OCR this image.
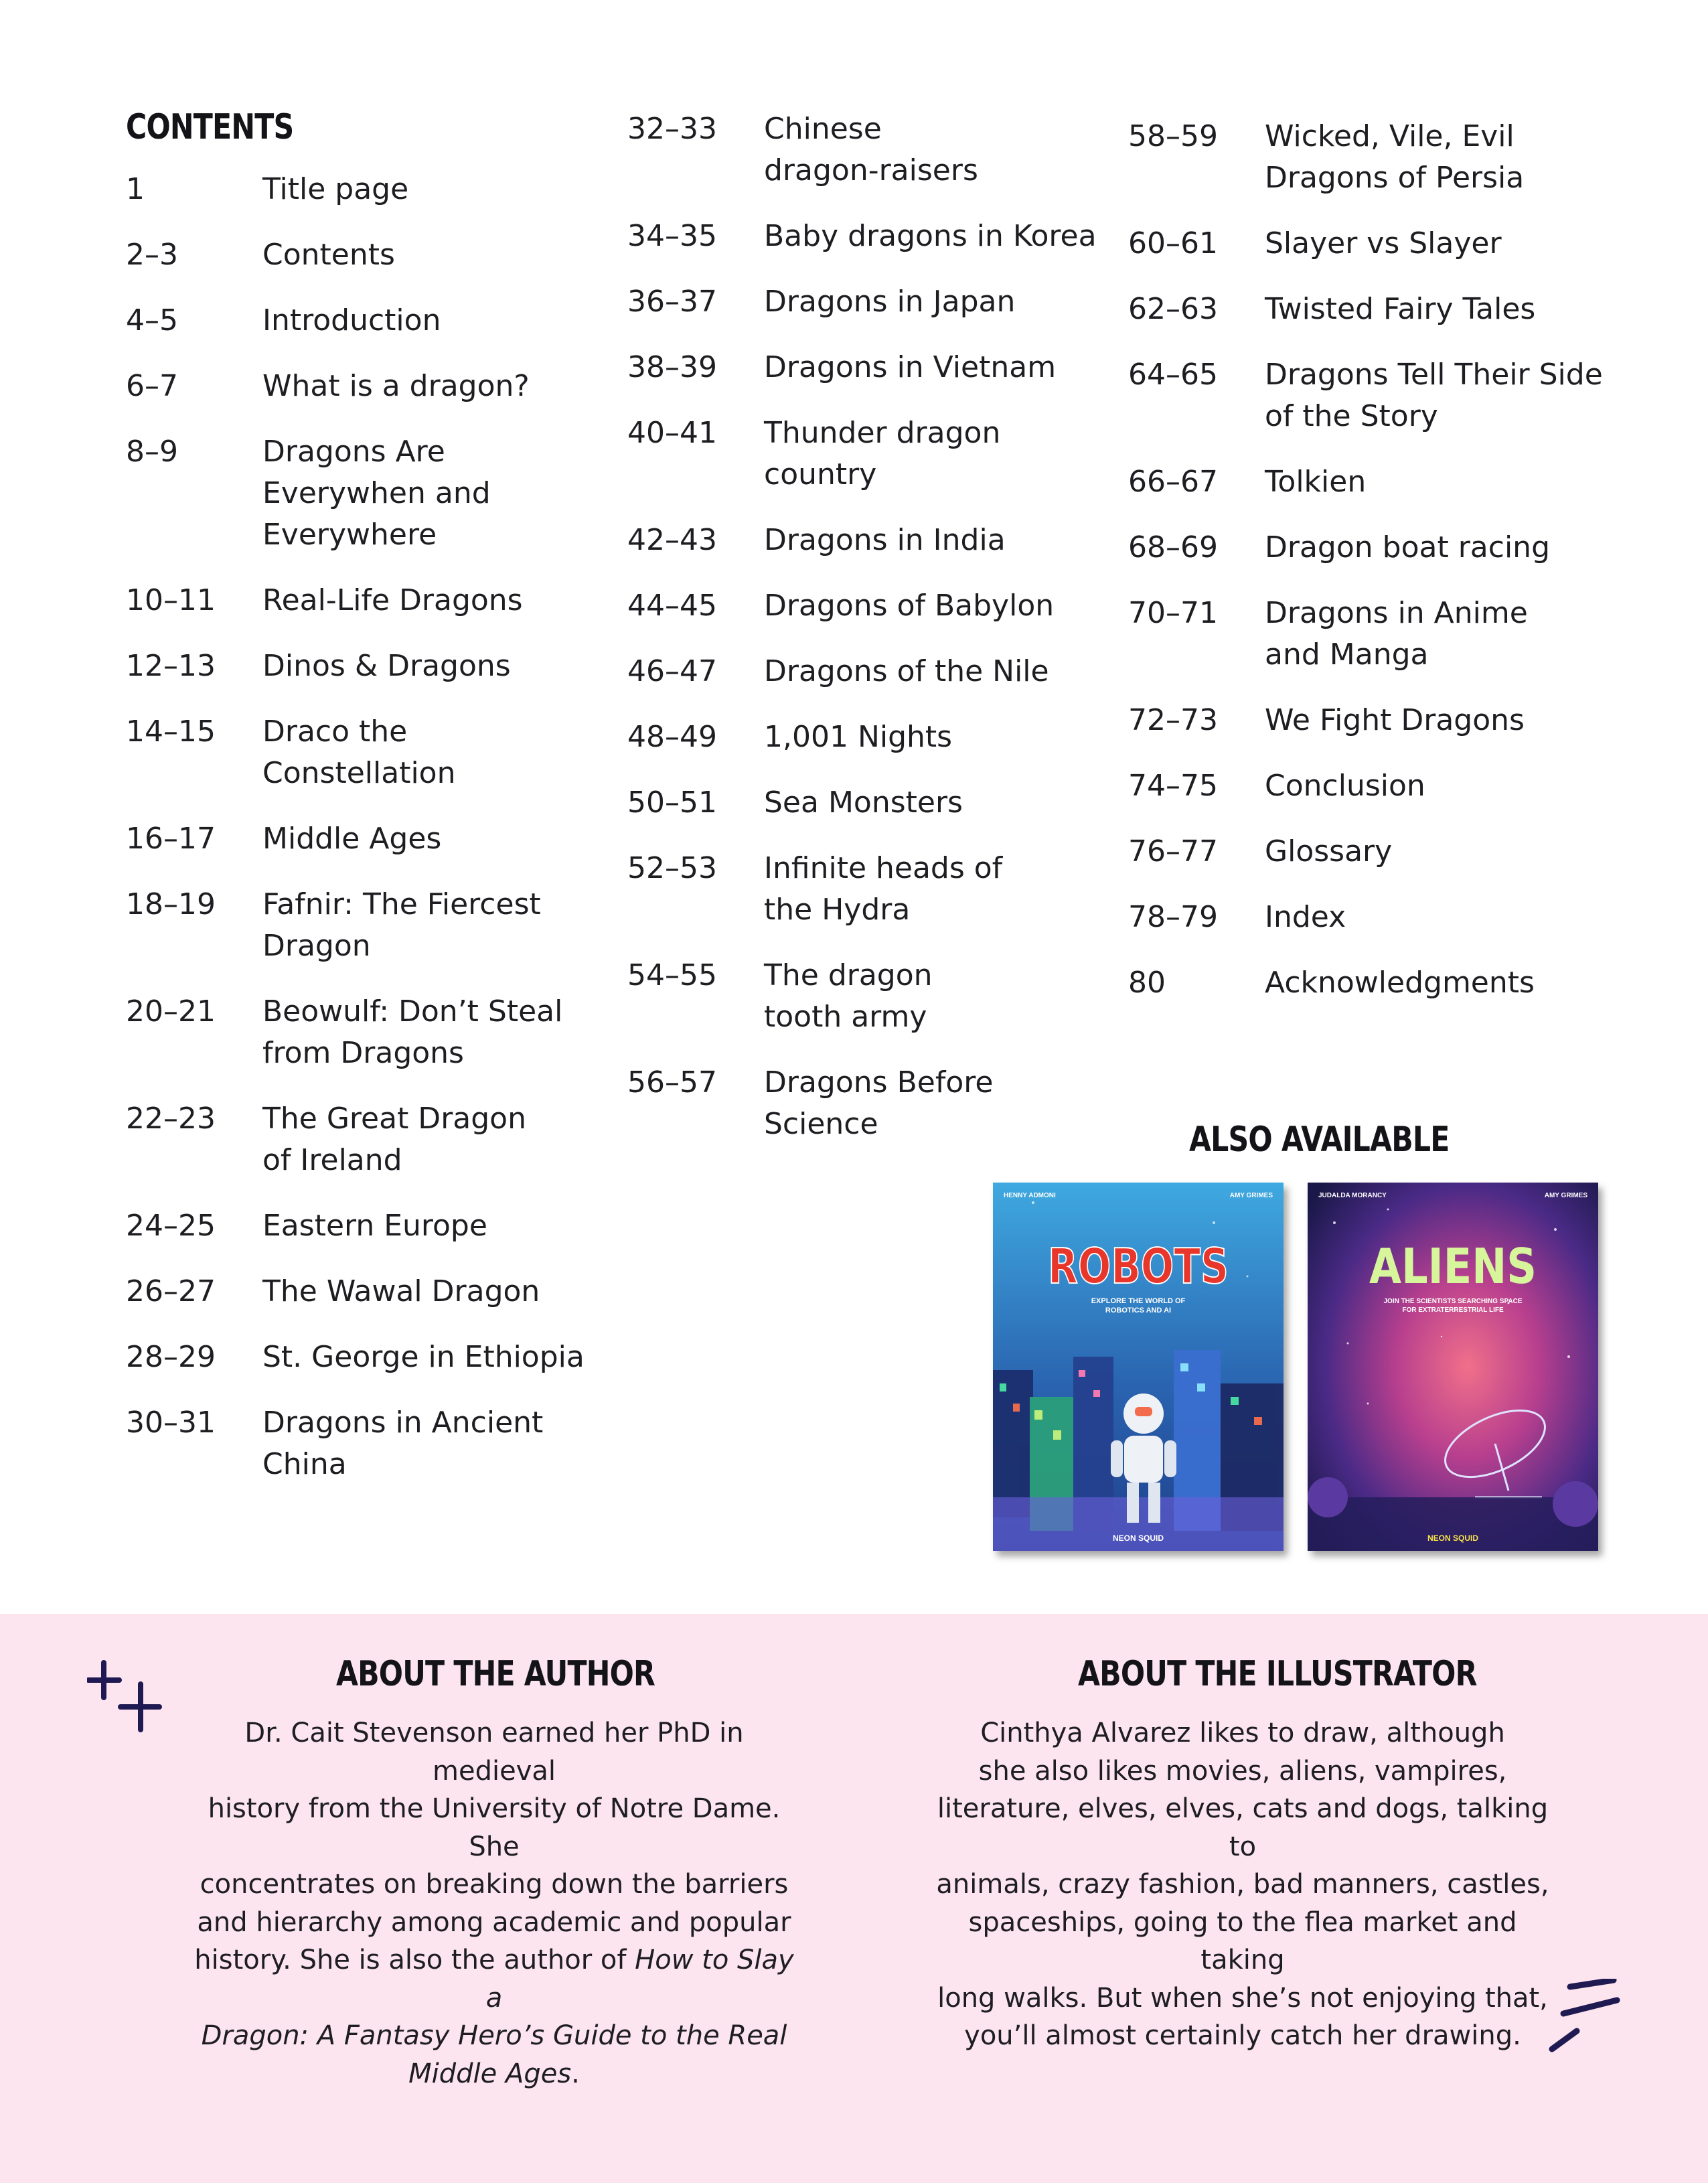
CONTENTS
1	Title page
2–3	Contents
4–5	Introduction
6–7	What is a dragon?
8–9	Dragons Are
Everywhen and
Everywhere
10–11 Real-Life Dragons
12–13 Dinos & Dragons
14–15 Draco the
Constellation
16–17 Middle Ages
18–19 Fafnir: The Fiercest
Dragon
20–21 Beowulf: Don’t Steal
from Dragons
22–23 The Great Dragon
of Ireland
24–25 Eastern Europe
26–27 The Wawal Dragon
28–29 St. George in Ethiopia
30–31 Dragons in Ancient
China
32–33 Chinese
dragon-raisers
34–35 Baby dragons in Korea
36–37 Dragons in Japan
38–39 Dragons in Vietnam
40–41 Thunder dragon
country
42–43 Dragons in India
44–45 Dragons of Babylon
46–47 Dragons of the Nile
48–49 1,001 Nights
50–51 Sea Monsters
52–53 Infinite heads of
the Hydra
54–55 The dragon
tooth army
56–57 Dragons Before
Science
58–59 Wicked, Vile, Evil
Dragons of Persia
60–61 Slayer vs Slayer
62–63 Twisted Fairy Tales
64–65 Dragons Tell Their Side
of the Story
66–67 Tolkien
68–69 Dragon boat racing
70–71 Dragons in Anime
and Manga
72–73 We Fight Dragons
74–75 Conclusion
76–77 Glossary
78–79 Index
80	Acknowledgments
ALSO AVAILABLE
HENNY ADMONI	AMY GRIMES
ROBOTS
EXPLORE THE WORLD OF
ROBOTICS AND AI
NEON SQUID
JUDALDA MORANCY	AMY GRIMES
ALIENS
JOIN THE SCIENTISTS SEARCHING SPACE
FOR EXTRATERRESTRIAL LIFE
NEON SQUID
ABOUT THE AUTHOR
Dr. Cait Stevenson earned her PhD in medieval
history from the University of Notre Dame. She
concentrates on breaking down the barriers
and hierarchy among academic and popular
history. She is also the author of How to Slay a
Dragon: A Fantasy Hero’s Guide to the Real
Middle Ages.
ABOUT THE ILLUSTRATOR
Cinthya Alvarez likes to draw, although
she also likes movies, aliens, vampires,
literature, elves, elves, cats and dogs, talking to
animals, crazy fashion, bad manners, castles,
spaceships, going to the flea market and taking
long walks. But when she’s not enjoying that,
you’ll almost certainly catch her drawing.
